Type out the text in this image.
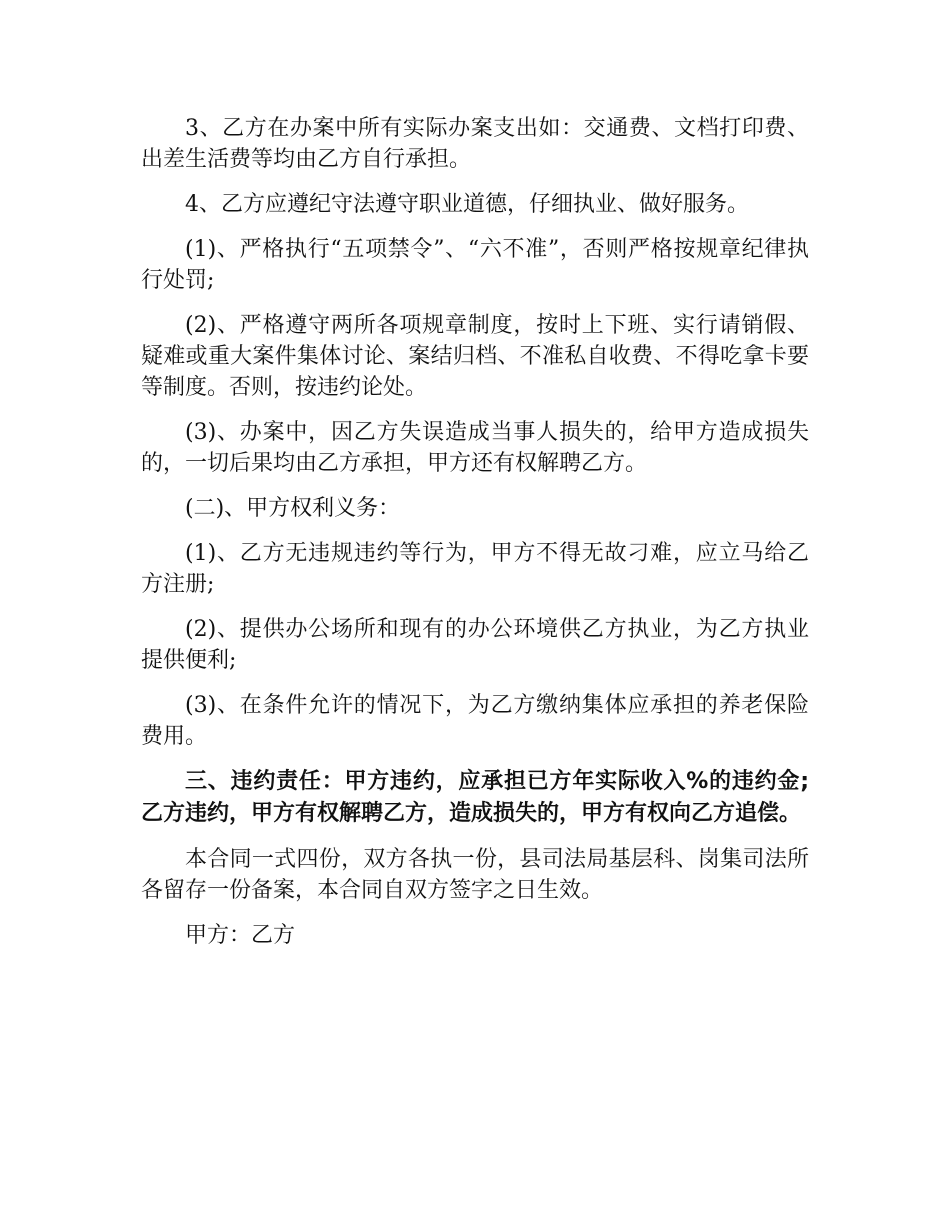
3、乙方在办案中所有实际办案支出如：交通费、文档打印费、出差生活费等均由乙方自行承担。

4、乙方应遵纪守法遵守职业道德，仔细执业、做好服务。

(1)、严格执行“五项禁令”、“六不准”，否则严格按规章纪律执行处罚;

(2)、严格遵守两所各项规章制度，按时上下班、实行请销假、疑难或重大案件集体讨论、案结归档、不准私自收费、不得吃拿卡要等制度。否则，按违约论处。

(3)、办案中，因乙方失误造成当事人损失的，给甲方造成损失的，一切后果均由乙方承担，甲方还有权解聘乙方。

(二)、甲方权利义务：

(1)、乙方无违规违约等行为，甲方不得无故刁难，应立马给乙方注册;

(2)、提供办公场所和现有的办公环境供乙方执业，为乙方执业提供便利;

(3)、在条件允许的情况下，为乙方缴纳集体应承担的养老保险费用。

三、违约责任：甲方违约，应承担已方年实际收入%的违约金;乙方违约，甲方有权解聘乙方，造成损失的，甲方有权向乙方追偿。

本合同一式四份，双方各执一份，县司法局基层科、岗集司法所各留存一份备案，本合同自双方签字之日生效。

甲方：乙方
